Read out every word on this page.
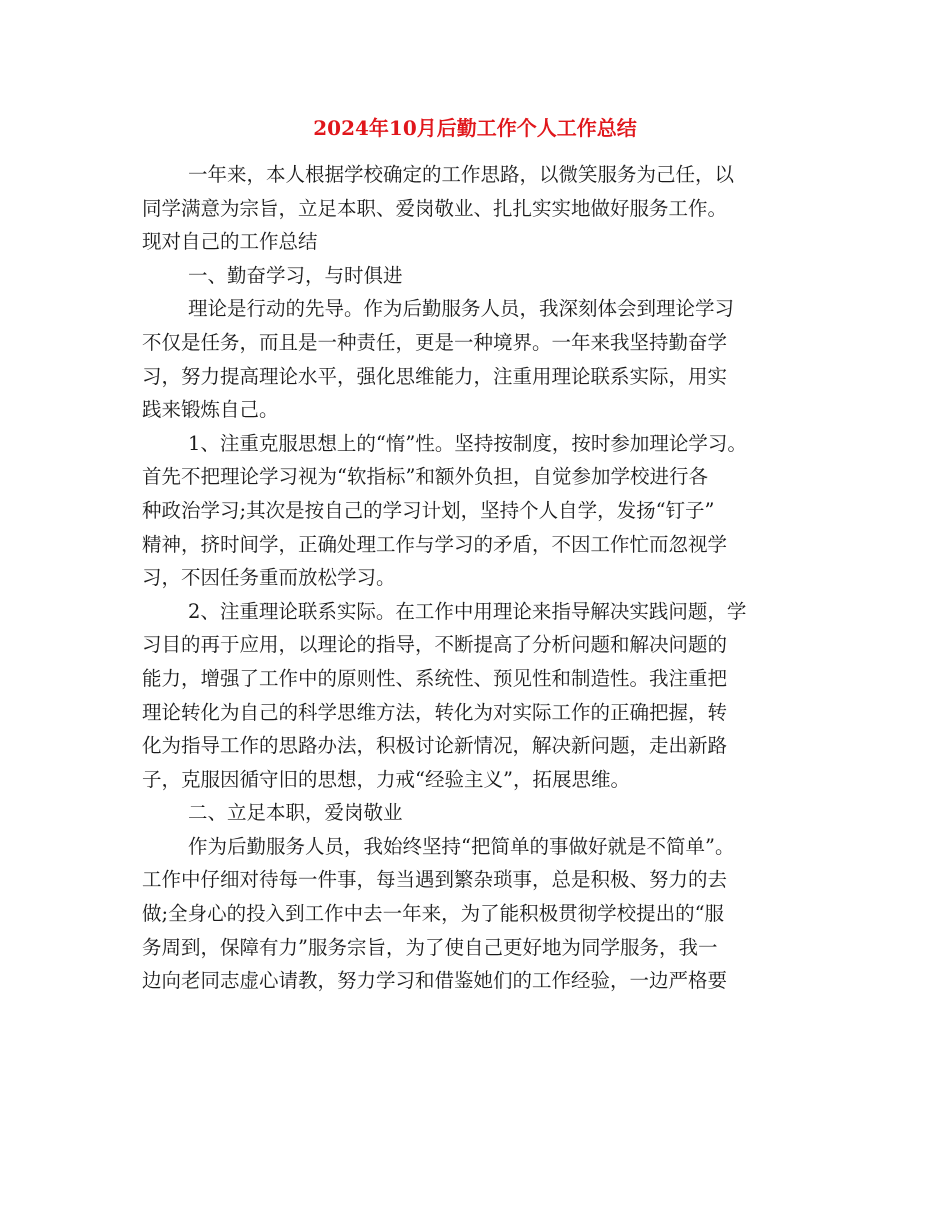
2024年10月后勤工作个人工作总结
一年来，本人根据学校确定的工作思路，以微笑服务为己任，以
同学满意为宗旨，立足本职、爱岗敬业、扎扎实实地做好服务工作。
现对自己的工作总结
一、勤奋学习，与时俱进
理论是行动的先导。作为后勤服务人员，我深刻体会到理论学习
不仅是任务，而且是一种责任，更是一种境界。一年来我坚持勤奋学
习，努力提高理论水平，强化思维能力，注重用理论联系实际，用实
践来锻炼自己。
1、注重克服思想上的“惰”性。坚持按制度，按时参加理论学习。
首先不把理论学习视为“软指标”和额外负担，自觉参加学校进行各
种政治学习;其次是按自己的学习计划，坚持个人自学，发扬“钉子”
精神，挤时间学，正确处理工作与学习的矛盾，不因工作忙而忽视学
习，不因任务重而放松学习。
2、注重理论联系实际。在工作中用理论来指导解决实践问题，学
习目的再于应用，以理论的指导，不断提高了分析问题和解决问题的
能力，增强了工作中的原则性、系统性、预见性和制造性。我注重把
理论转化为自己的科学思维方法，转化为对实际工作的正确把握，转
化为指导工作的思路办法，积极讨论新情况，解决新问题，走出新路
子，克服因循守旧的思想，力戒“经验主义”，拓展思维。
二、立足本职，爱岗敬业
作为后勤服务人员，我始终坚持“把简单的事做好就是不简单”。
工作中仔细对待每一件事，每当遇到繁杂琐事，总是积极、努力的去
做;全身心的投入到工作中去一年来，为了能积极贯彻学校提出的“服
务周到，保障有力”服务宗旨，为了使自己更好地为同学服务，我一
边向老同志虚心请教，努力学习和借鉴她们的工作经验，一边严格要
